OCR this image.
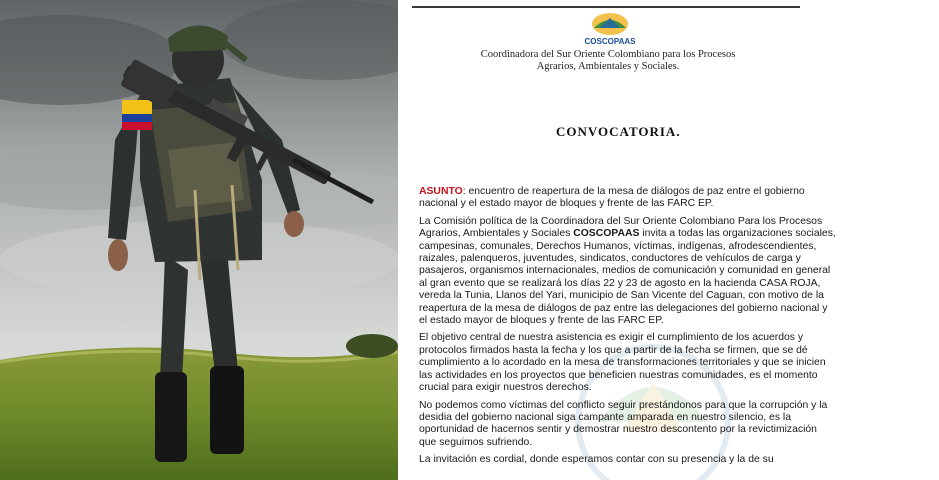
COSCOPAAS
Coordinadora del Sur Oriente Colombiano para los Procesos
Agrarios, Ambientales y Sociales.
CONVOCATORIA.

ASUNTO: encuentro de reapertura de la mesa de diálogos de paz entre el gobierno
nacional y el estado mayor de bloques y frente de las FARC EP.

La Comisión política de la Coordinadora del Sur Oriente Colombiano Para los Procesos
Agrarios, Ambientales y Sociales COSCOPAAS invita a todas las organizaciones sociales,
campesinas, comunales, Derechos Humanos, víctimas, indígenas, afrodescendientes,
raizales, palenqueros, juventudes, sindicatos, conductores de vehículos de carga y
pasajeros, organismos internacionales, medios de comunicación y comunidad en general
al gran evento que se realizará los días 22 y 23 de agosto en la hacienda CASA ROJA,
vereda la Tunia, Llanos del Yari, municipio de San Vicente del Caguan, con motivo de la
reapertura de la mesa de diálogos de paz entre las delegaciones del gobierno nacional y
el estado mayor de bloques y frente de las FARC EP.

El objetivo central de nuestra asistencia es exigir el cumplimiento de los acuerdos y
protocolos firmados hasta la fecha y los que a partir de la fecha se firmen, que se dé
cumplimiento a lo acordado en la mesa de transformaciones territoriales y que se inicien
las actividades en los proyectos que beneficien nuestras comunidades, es el momento
crucial para exigir nuestros derechos.

No podemos como víctimas del conflicto seguir prestándonos para que la corrupción y la
desidia del gobierno nacional siga campante amparada en nuestro silencio, es la
oportunidad de hacernos sentir y demostrar nuestro descontento por la revictimización
que seguimos sufriendo.

La invitación es cordial, donde esperamos contar con su presencia y la de su
